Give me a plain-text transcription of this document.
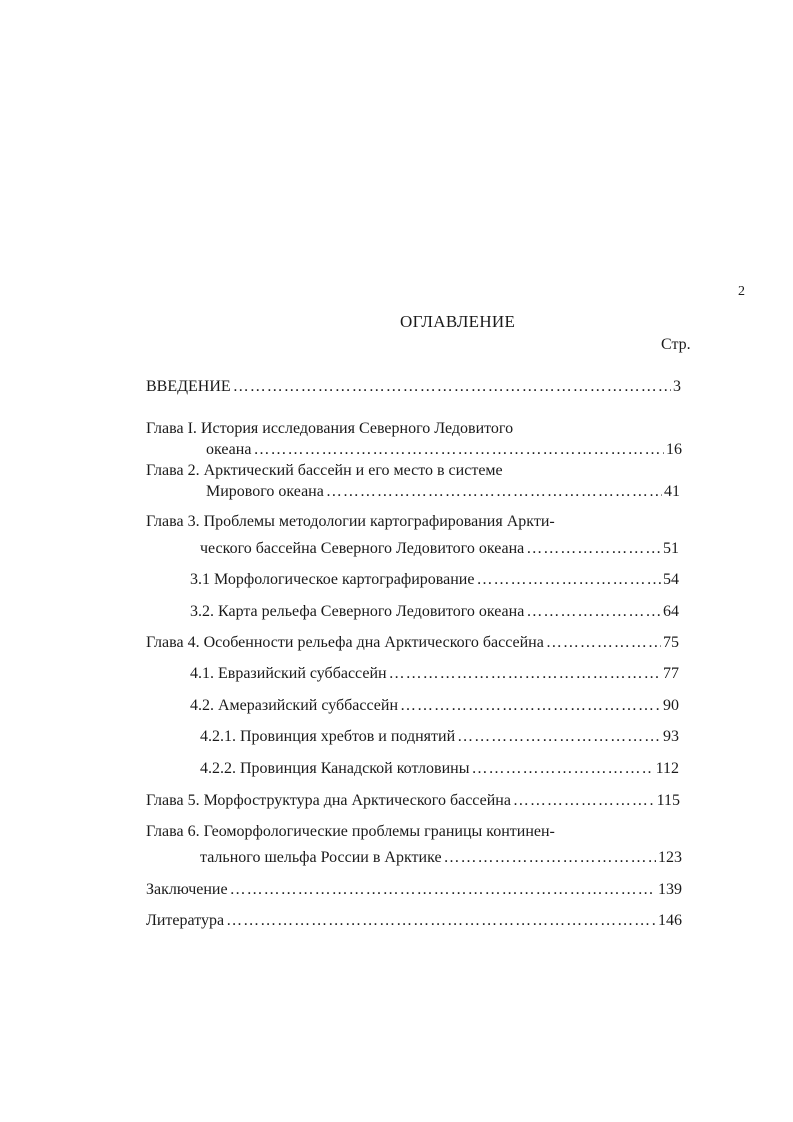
2
ОГЛАВЛЕНИЕ
Стр.
ВВЕДЕНИЕ …………………………………………………………………………………………………………………………………………………………………	3
Глава I. История исследования Северного Ледовитого
океана …………………………………………………………………………………………………………………………………………………………………	16
Глава 2. Арктический бассейн и его место в системе
Мирового океана …………………………………………………………………………………………………………………………………………………………………	41
Глава 3. Проблемы методологии картографирования Аркти-
ческого бассейна Северного Ледовитого океана …………………………………………………………………………………………………………………………………………………………………	51
3.1 Морфологическое картографирование …………………………………………………………………………………………………………………………………………………………………	54
3.2. Карта рельефа Северного Ледовитого океана …………………………………………………………………………………………………………………………………………………………………	64
Глава 4. Особенности рельефа дна Арктического бассейна …………………………………………………………………………………………………………………………………………………………………	75
4.1. Евразийский суббассейн …………………………………………………………………………………………………………………………………………………………………	77
4.2. Амеразийский суббассейн …………………………………………………………………………………………………………………………………………………………………	90
4.2.1. Провинция хребтов и поднятий …………………………………………………………………………………………………………………………………………………………………	93
4.2.2. Провинция Канадской котловины …………………………………………………………………………………………………………………………………………………………………	112
Глава 5. Морфоструктура дна Арктического бассейна …………………………………………………………………………………………………………………………………………………………………	115
Глава 6. Геоморфологические проблемы границы континен-
тального шельфа России в Арктике …………………………………………………………………………………………………………………………………………………………………	123
Заключение …………………………………………………………………………………………………………………………………………………………………	139
Литература …………………………………………………………………………………………………………………………………………………………………	146
